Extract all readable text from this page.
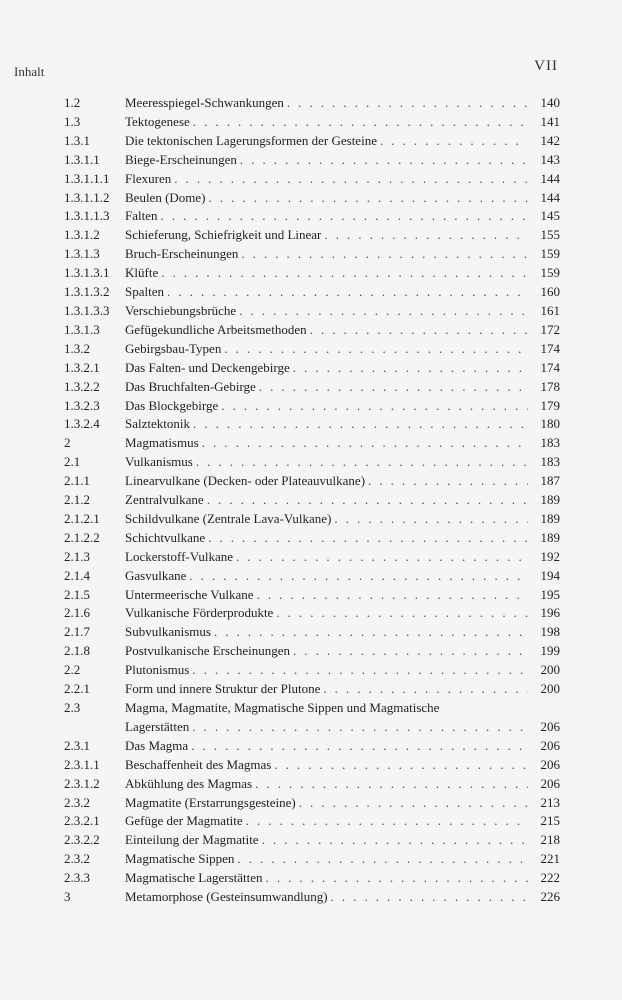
Inhalt	VII
1.2	Meeresspiegel-Schwankungen . . .	140
1.3	Tektogenese . . .	141
1.3.1	Die tektonischen Lagerungsformen der Gesteine . . .	142
1.3.1.1	Biege-Erscheinungen . . .	143
1.3.1.1.1	Flexuren . . .	144
1.3.1.1.2	Beulen (Dome) . . .	144
1.3.1.1.3	Falten . . .	145
1.3.1.2	Schieferung, Schiefrigkeit und Linear . . .	155
1.3.1.3	Bruch-Erscheinungen . . .	159
1.3.1.3.1	Klüfte . . .	159
1.3.1.3.2	Spalten . . .	160
1.3.1.3.3	Verschiebungsbrüche . . .	161
1.3.1.3	Gefügekundliche Arbeitsmethoden . . .	172
1.3.2	Gebirgsbau-Typen . . .	174
1.3.2.1	Das Falten- und Deckengebirge . . .	174
1.3.2.2	Das Bruchfalten-Gebirge . . .	178
1.3.2.3	Das Blockgebirge . . .	179
1.3.2.4	Salztektonik . . .	180
2	Magmatismus . . .	183
2.1	Vulkanismus . . .	183
2.1.1	Linearvulkane (Decken- oder Plateauvulkane) . . .	187
2.1.2	Zentralvulkane . . .	189
2.1.2.1	Schildvulkane (Zentrale Lava-Vulkane) . . .	189
2.1.2.2	Schichtvulkane . . .	189
2.1.3	Lockerstoff-Vulkane . . .	192
2.1.4	Gasvulkane . . .	194
2.1.5	Untermeerische Vulkane . . .	195
2.1.6	Vulkanische Förderprodukte . . .	196
2.1.7	Subvulkanismus . . .	198
2.1.8	Postvulkanische Erscheinungen . . .	199
2.2	Plutonismus . . .	200
2.2.1	Form und innere Struktur der Plutone . . .	200
2.3	Magma, Magmatite, Magmatische Sippen und Magmatische
Lagerstätten . . .	206
2.3.1	Das Magma . . .	206
2.3.1.1	Beschaffenheit des Magmas . . .	206
2.3.1.2	Abkühlung des Magmas . . .	206
2.3.2	Magmatite (Erstarrungsgesteine) . . .	213
2.3.2.1	Gefüge der Magmatite . . .	215
2.3.2.2	Einteilung der Magmatite . . .	218
2.3.2	Magmatische Sippen . . .	221
2.3.3	Magmatische Lagerstätten . . .	222
3	Metamorphose (Gesteinsumwandlung) . . .	226
